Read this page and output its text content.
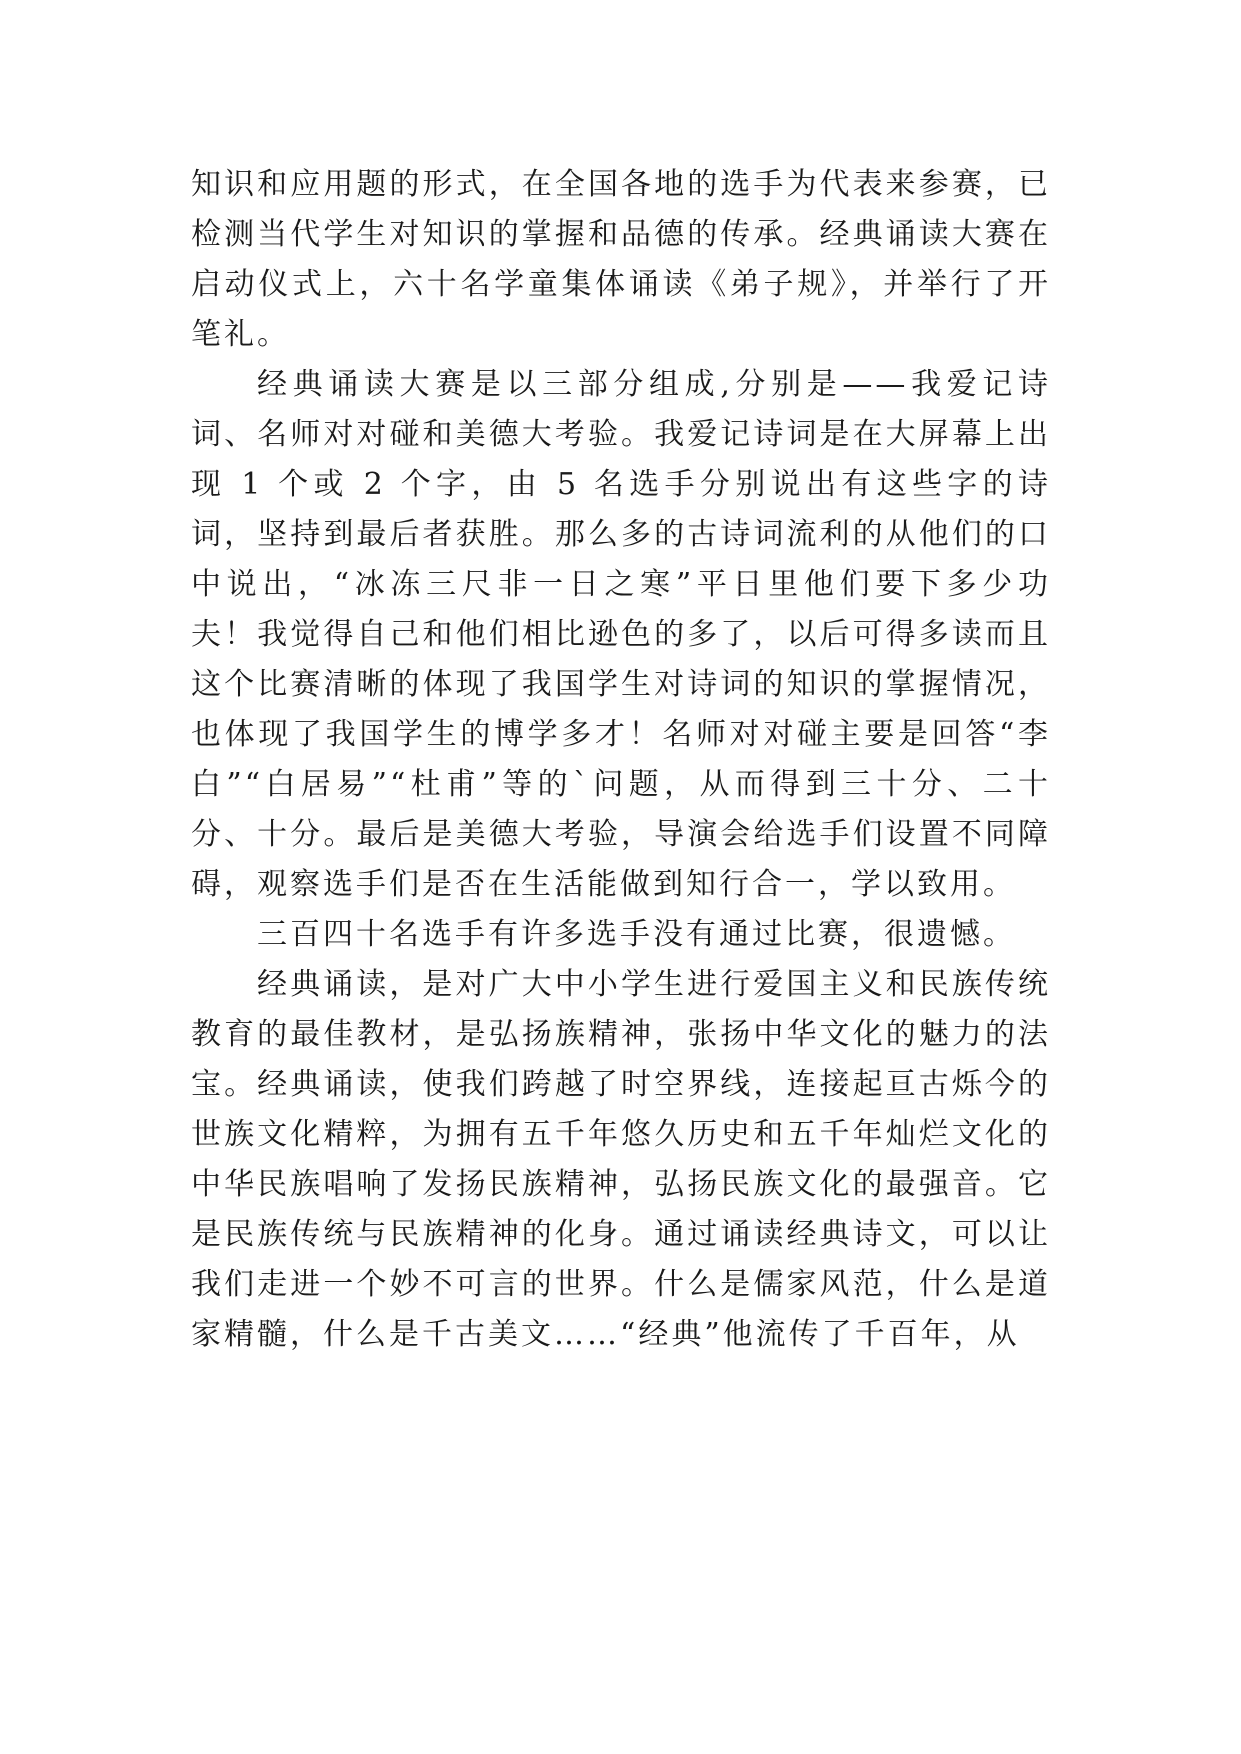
知识和应用题的形式，在全国各地的选手为代表来参赛，已检测当代学生对知识的掌握和品德的传承。经典诵读大赛在启动仪式上，六十名学童集体诵读《弟子规》，并举行了开笔礼。

经典诵读大赛是以三部分组成,分别是——我爱记诗词、名师对对碰和美德大考验。我爱记诗词是在大屏幕上出现 1 个或 2 个字，由 5 名选手分别说出有这些字的诗词，坚持到最后者获胜。那么多的古诗词流利的从他们的口中说出，“冰冻三尺非一日之寒”平日里他们要下多少功夫！我觉得自己和他们相比逊色的多了，以后可得多读而且这个比赛清晰的体现了我国学生对诗词的知识的掌握情况，也体现了我国学生的博学多才！名师对对碰主要是回答“李白”“白居易”“杜甫”等的`问题，从而得到三十分、二十分、十分。最后是美德大考验，导演会给选手们设置不同障碍，观察选手们是否在生活能做到知行合一，学以致用。

三百四十名选手有许多选手没有通过比赛，很遗憾。

经典诵读，是对广大中小学生进行爱国主义和民族传统教育的最佳教材，是弘扬族精神，张扬中华文化的魅力的法宝。经典诵读，使我们跨越了时空界线，连接起亘古烁今的世族文化精粹，为拥有五千年悠久历史和五千年灿烂文化的中华民族唱响了发扬民族精神，弘扬民族文化的最强音。它是民族传统与民族精神的化身。通过诵读经典诗文，可以让我们走进一个妙不可言的世界。什么是儒家风范，什么是道家精髓，什么是千古美文……“经典”他流传了千百年，从
